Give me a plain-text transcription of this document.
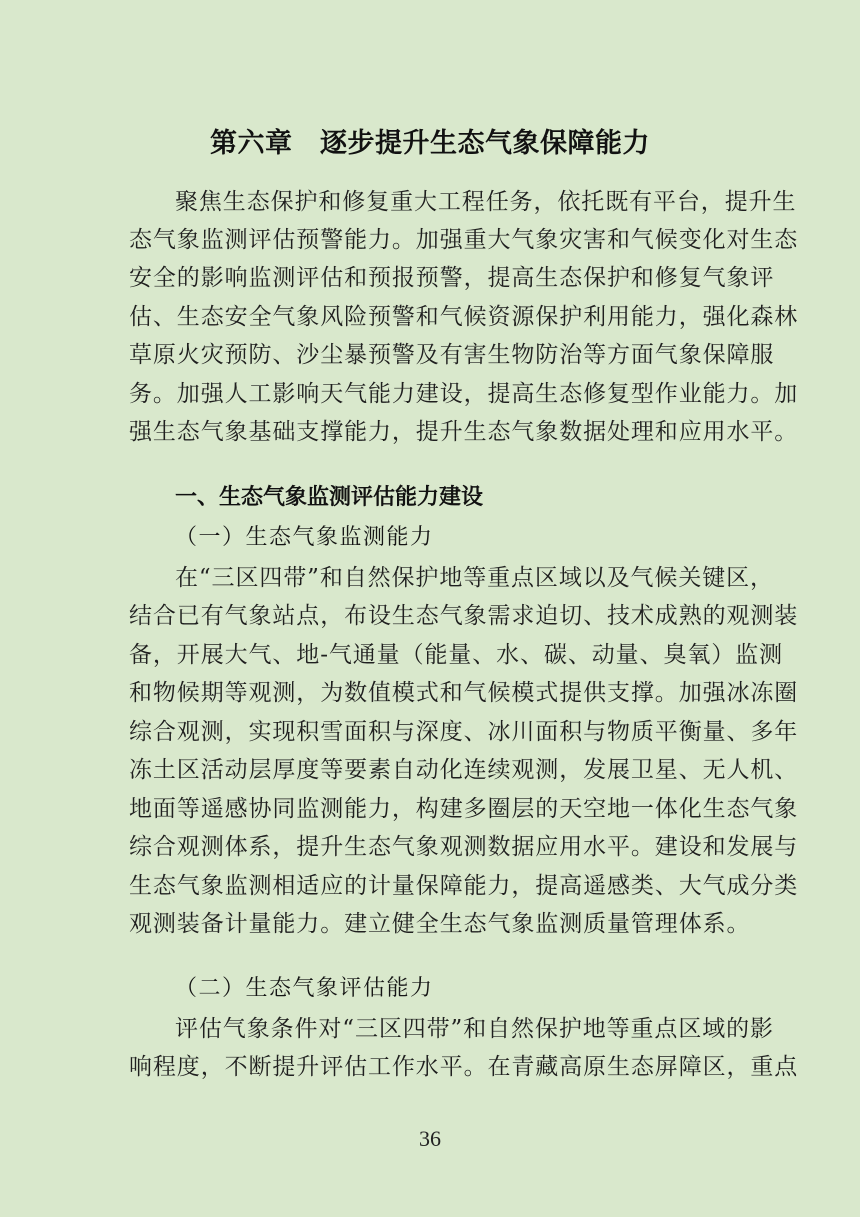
第六章　逐步提升生态气象保障能力
聚焦生态保护和修复重大工程任务，依托既有平台，提升生
态气象监测评估预警能力。加强重大气象灾害和气候变化对生态
安全的影响监测评估和预报预警，提高生态保护和修复气象评
估、生态安全气象风险预警和气候资源保护利用能力，强化森林
草原火灾预防、沙尘暴预警及有害生物防治等方面气象保障服
务。加强人工影响天气能力建设，提高生态修复型作业能力。加
强生态气象基础支撑能力，提升生态气象数据处理和应用水平。
一、生态气象监测评估能力建设
（一）生态气象监测能力
在“三区四带”和自然保护地等重点区域以及气候关键区，
结合已有气象站点，布设生态气象需求迫切、技术成熟的观测装
备，开展大气、地-气通量（能量、水、碳、动量、臭氧）监测
和物候期等观测，为数值模式和气候模式提供支撑。加强冰冻圈
综合观测，实现积雪面积与深度、冰川面积与物质平衡量、多年
冻土区活动层厚度等要素自动化连续观测，发展卫星、无人机、
地面等遥感协同监测能力，构建多圈层的天空地一体化生态气象
综合观测体系，提升生态气象观测数据应用水平。建设和发展与
生态气象监测相适应的计量保障能力，提高遥感类、大气成分类
观测装备计量能力。建立健全生态气象监测质量管理体系。
（二）生态气象评估能力
评估气象条件对“三区四带”和自然保护地等重点区域的影
响程度，不断提升评估工作水平。在青藏高原生态屏障区，重点
36
